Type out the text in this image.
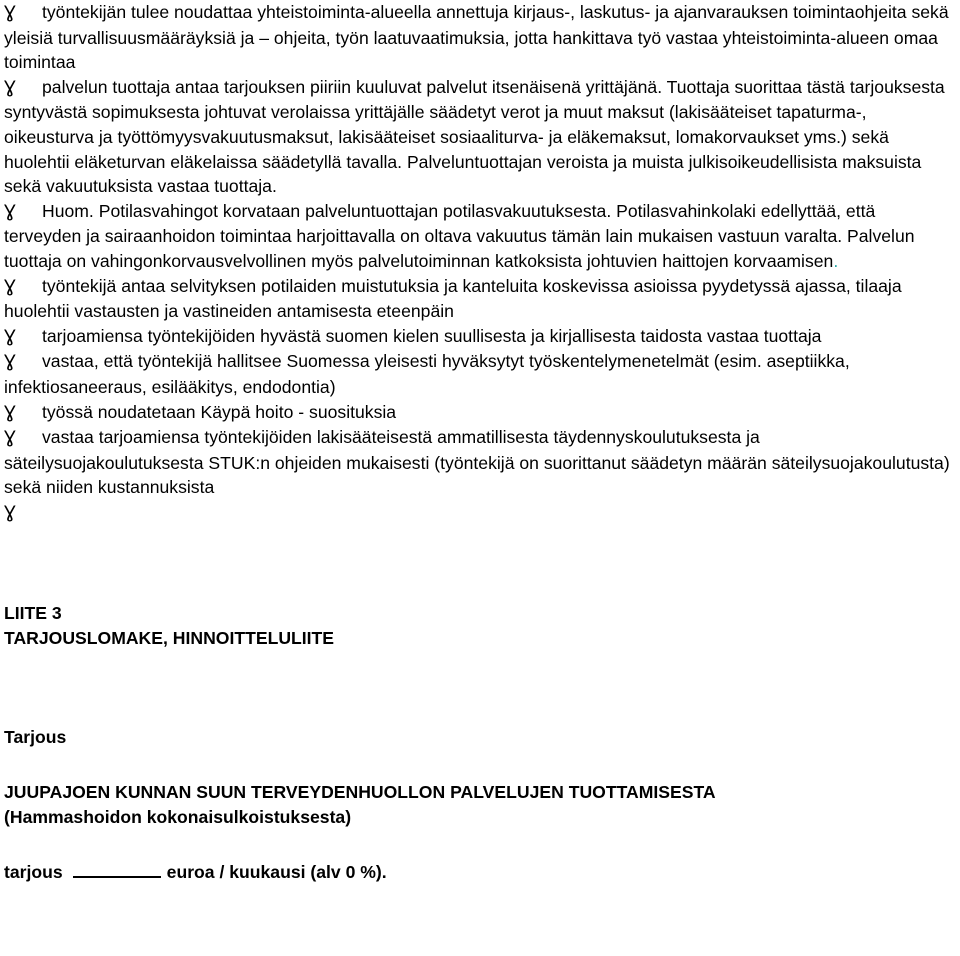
Ɣ työntekijän tulee noudattaa yhteistoiminta-alueella annettuja kirjaus-, laskutus- ja ajanvarauksen toimintaohjeita sekä yleisiä turvallisuusmääräyksiä ja – ohjeita, työn laatuvaatimuksia, jotta hankittava työ vastaa yhteistoiminta-alueen omaa toimintaa

Ɣ palvelun tuottaja antaa tarjouksen piiriin kuuluvat palvelut itsenäisenä yrittäjänä. Tuottaja suorittaa tästä tarjouksesta syntyvästä sopimuksesta johtuvat verolaissa yrittäjälle säädetyt verot ja muut maksut (lakisääteiset tapaturma-, oikeusturva ja työttömyysvakuutusmaksut, lakisääteiset sosiaaliturva- ja eläkemaksut, lomakorvaukset yms.) sekä huolehtii eläketurvan eläkelaissa säädetyllä tavalla. Palveluntuottajan veroista ja muista julkisoikeudellisista maksuista sekä vakuutuksista vastaa tuottaja.

Ɣ Huom. Potilasvahingot korvataan palveluntuottajan potilasvakuutuksesta. Potilasvahinkolaki edellyttää, että terveyden ja sairaanhoidon toimintaa harjoittavalla on oltava vakuutus tämän lain mukaisen vastuun varalta. Palvelun tuottaja on vahingonkorvausvelvollinen myös palvelutoiminnan katkoksista johtuvien haittojen korvaamisen.

Ɣ työntekijä antaa selvityksen potilaiden muistutuksia ja kanteluita koskevissa asioissa pyydetyssä ajassa, tilaaja huolehtii vastausten ja vastineiden antamisesta eteenpäin

Ɣ tarjoamiensa työntekijöiden hyvästä suomen kielen suullisesta ja kirjallisesta taidosta vastaa tuottaja

Ɣ vastaa, että työntekijä hallitsee Suomessa yleisesti hyväksytyt työskentelymenetelmät (esim. aseptiikka, infektiosaneeraus, esilääkitys, endodontia)

Ɣ työssä noudatetaan Käypä hoito - suosituksia

Ɣ vastaa tarjoamiensa työntekijöiden lakisääteisestä ammatillisesta täydennyskoulutuksesta ja säteilysuojakoulutuksesta STUK:n ohjeiden mukaisesti (työntekijä on suorittanut säädetyn määrän säteilysuojakoulutusta) sekä niiden kustannuksista

Ɣ

LIITE 3

TARJOUSLOMAKE, HINNOITTELULIITE

Tarjous

JUUPAJOEN KUNNAN SUUN TERVEYDENHUOLLON PALVELUJEN TUOTTAMISESTA

(Hammashoidon kokonaisulkoistuksesta)

tarjous	euroa / kuukausi (alv 0 %).
